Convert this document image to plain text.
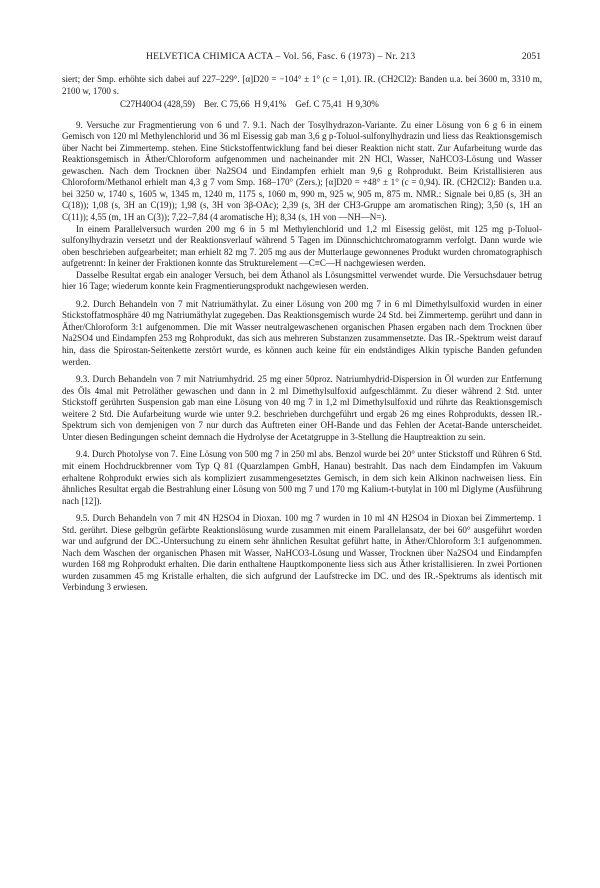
HELVETICA CHIMICA ACTA – Vol. 56, Fasc. 6 (1973) – Nr. 213	2051

siert; der Smp. erhöhte sich dabei auf 227–229°. [α]D20 = −104° ± 1° (c = 1,01). IR. (CH2Cl2): Banden u.a. bei 3600 m, 3310 m, 2100 w, 1700 s.

C27H40O4 (428,59)    Ber. C 75,66  H 9,41%    Gef. C 75,41  H 9,30%

9. Versuche zur Fragmentierung von 6 und 7. 9.1. Nach der Tosylhydrazon-Variante. Zu einer Lösung von 6 g 6 in einem Gemisch von 120 ml Methylenchlorid und 36 ml Eisessig gab man 3,6 g p-Toluol-sulfonylhydrazin und liess das Reaktionsgemisch über Nacht bei Zimmertemp. stehen. Eine Stickstoffentwicklung fand bei dieser Reaktion nicht statt. Zur Aufarbeitung wurde das Reaktionsgemisch in Äther/Chloroform aufgenommen und nacheinander mit 2N HCl, Wasser, NaHCO3-Lösung und Wasser gewaschen. Nach dem Trocknen über Na2SO4 und Eindampfen erhielt man 9,6 g Rohprodukt. Beim Kristallisieren aus Chloroform/Methanol erhielt man 4,3 g 7 vom Smp. 168–170° (Zers.); [α]D20 = +48° ± 1° (c = 0,94). IR. (CH2Cl2): Banden u.a. bei 3250 w, 1740 s, 1605 w, 1345 m, 1240 m, 1175 s, 1060 m, 990 m, 925 w, 905 m, 875 m. NMR.: Signale bei 0,85 (s, 3H an C(18)); 1,08 (s, 3H an C(19)); 1,98 (s, 3H von 3β-OAc); 2,39 (s, 3H der CH3-Gruppe am aromatischen Ring); 3,50 (s, 1H an C(11)); 4,55 (m, 1H an C(3)); 7,22–7,84 (4 aromatische H); 8,34 (s, 1H von —NH—N=).

In einem Parallelversuch wurden 200 mg 6 in 5 ml Methylenchlorid und 1,2 ml Eisessig gelöst, mit 125 mg p-Toluol-sulfonylhydrazin versetzt und der Reaktionsverlauf während 5 Tagen im Dünnschichtchromatogramm verfolgt. Dann wurde wie oben beschrieben aufgearbeitet; man erhielt 82 mg 7. 205 mg aus der Mutterlauge gewonnenes Produkt wurden chromatographisch aufgetrennt: In keiner der Fraktionen konnte das Strukturelement —C≡C—H nachgewiesen werden.

Dasselbe Resultat ergab ein analoger Versuch, bei dem Äthanol als Lösungsmittel verwendet wurde. Die Versuchsdauer betrug hier 16 Tage; wiederum konnte kein Fragmentierungsprodukt nachgewiesen werden.

9.2. Durch Behandeln von 7 mit Natriumäthylat. Zu einer Lösung von 200 mg 7 in 6 ml Dimethylsulfoxid wurden in einer Stickstoffatmosphäre 40 mg Natriumäthylat zugegeben. Das Reaktionsgemisch wurde 24 Std. bei Zimmertemp. gerührt und dann in Äther/Chloroform 3:1 aufgenommen. Die mit Wasser neutralgewaschenen organischen Phasen ergaben nach dem Trocknen über Na2SO4 und Eindampfen 253 mg Rohprodukt, das sich aus mehreren Substanzen zusammensetzte. Das IR.-Spektrum weist darauf hin, dass die Spirostan-Seitenkette zerstört wurde, es können auch keine für ein endständiges Alkin typische Banden gefunden werden.

9.3. Durch Behandeln von 7 mit Natriumhydrid. 25 mg einer 50proz. Natriumhydrid-Dispersion in Öl wurden zur Entfernung des Öls 4mal mit Petroläther gewaschen und dann in 2 ml Dimethylsulfoxid aufgeschlämmt. Zu dieser während 2 Std. unter Stickstoff gerührten Suspension gab man eine Lösung von 40 mg 7 in 1,2 ml Dimethylsulfoxid und rührte das Reaktionsgemisch weitere 2 Std. Die Aufarbeitung wurde wie unter 9.2. beschrieben durchgeführt und ergab 26 mg eines Rohprodukts, dessen IR.-Spektrum sich von demjenigen von 7 nur durch das Auftreten einer OH-Bande und das Fehlen der Acetat-Bande unterscheidet. Unter diesen Bedingungen scheint demnach die Hydrolyse der Acetatgruppe in 3-Stellung die Hauptreaktion zu sein.

9.4. Durch Photolyse von 7. Eine Lösung von 500 mg 7 in 250 ml abs. Benzol wurde bei 20° unter Stickstoff und Rühren 6 Std. mit einem Hochdruckbrenner vom Typ Q 81 (Quarzlampen GmbH, Hanau) bestrahlt. Das nach dem Eindampfen im Vakuum erhaltene Rohprodukt erwies sich als kompliziert zusammengesetztes Gemisch, in dem sich kein Alkinon nachweisen liess. Ein ähnliches Resultat ergab die Bestrahlung einer Lösung von 500 mg 7 und 170 mg Kalium-t-butylat in 100 ml Diglyme (Ausführung nach [12]).

9.5. Durch Behandeln von 7 mit 4N H2SO4 in Dioxan. 100 mg 7 wurden in 10 ml 4N H2SO4 in Dioxan bei Zimmertemp. 1 Std. gerührt. Diese gelbgrün gefärbte Reaktionslösung wurde zusammen mit einem Parallelansatz, der bei 60° ausgeführt worden war und aufgrund der DC.-Untersuchung zu einem sehr ähnlichen Resultat geführt hatte, in Äther/Chloroform 3:1 aufgenommen. Nach dem Waschen der organischen Phasen mit Wasser, NaHCO3-Lösung und Wasser, Trocknen über Na2SO4 und Eindampfen wurden 168 mg Rohprodukt erhalten. Die darin enthaltene Hauptkomponente liess sich aus Äther kristallisieren. In zwei Portionen wurden zusammen 45 mg Kristalle erhalten, die sich aufgrund der Laufstrecke im DC. und des IR.-Spektrums als identisch mit Verbindung 3 erwiesen.
